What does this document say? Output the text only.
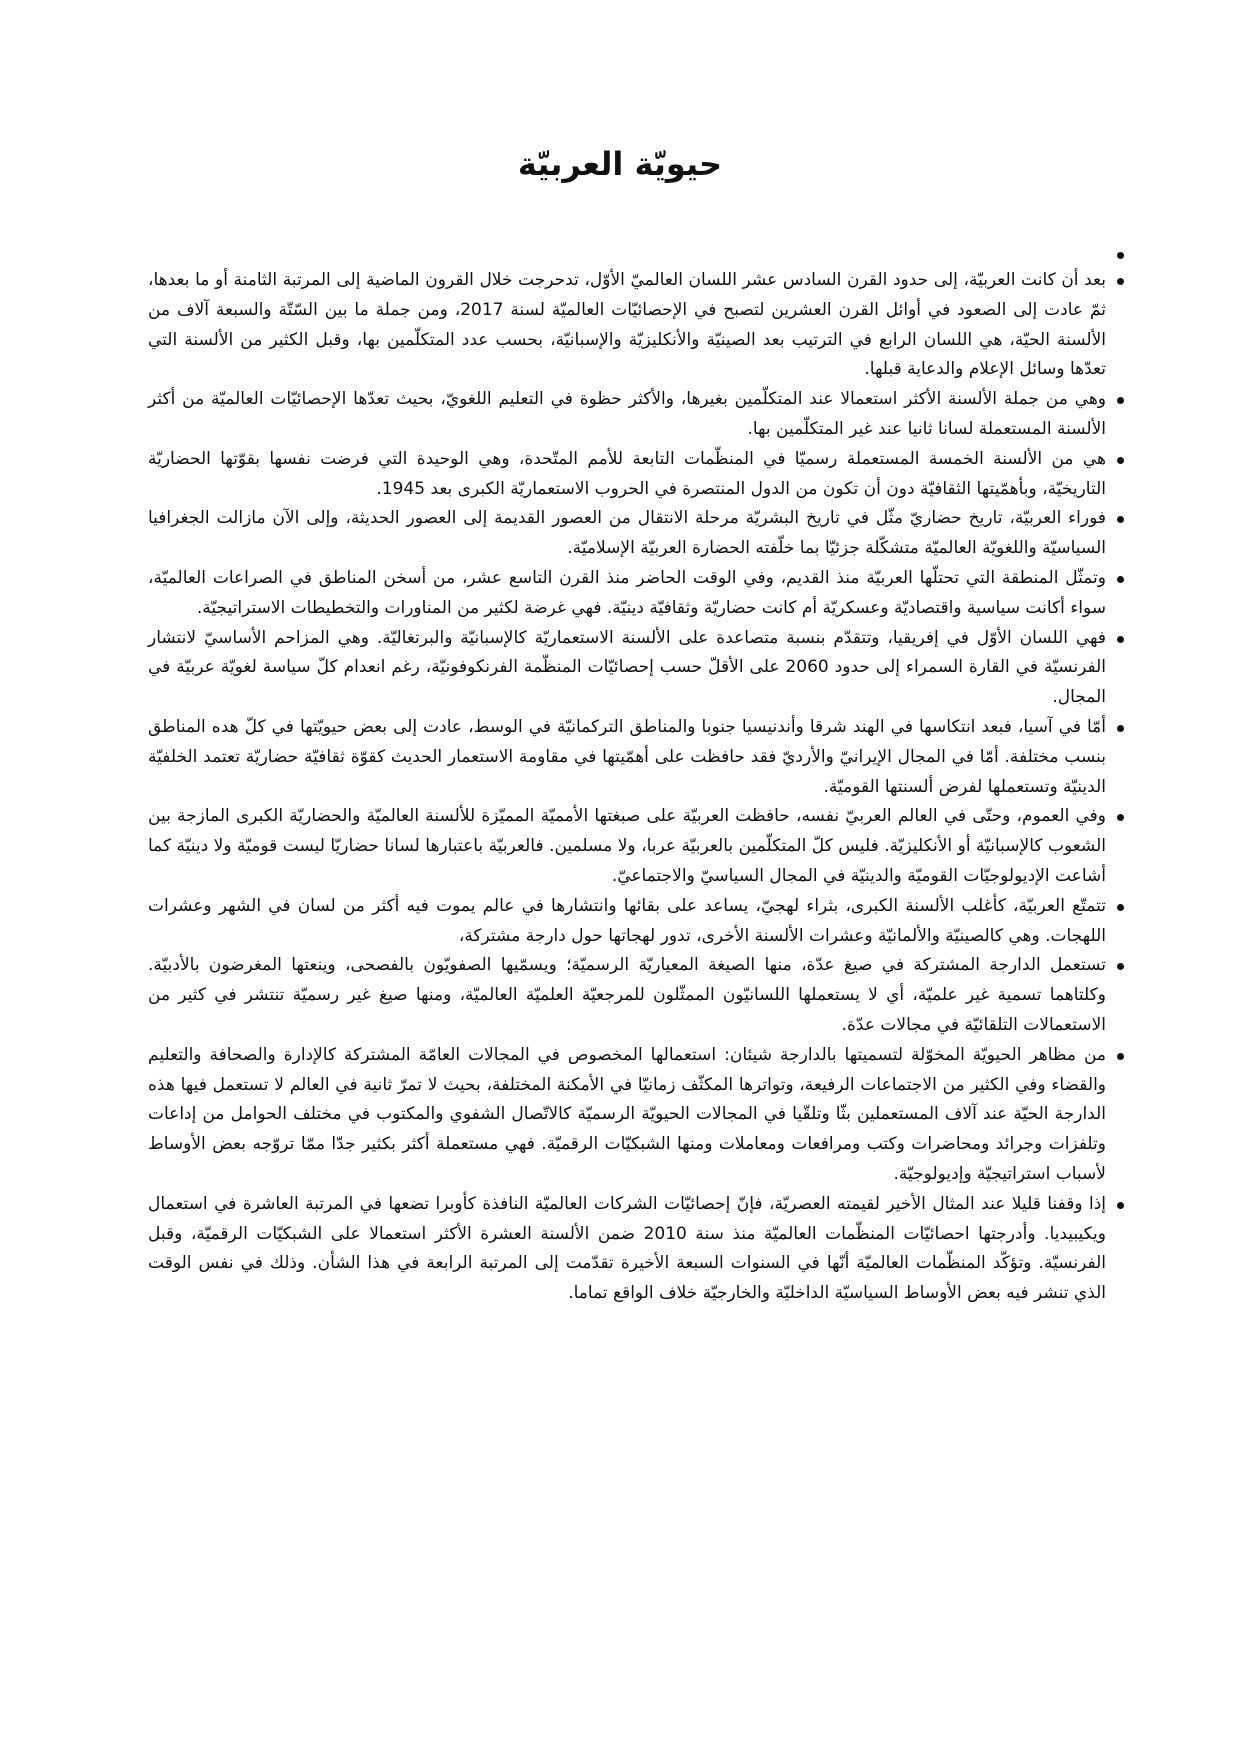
حيويّة العربيّة
بعد أن كانت العربيّة، إلى حدود القرن السادس عشر اللسان العالميّ الأوّل، تدحرجت خلال القرون الماضية إلى المرتبة الثامنة أو ما بعدها، ثمّ عادت إلى الصعود في أوائل القرن العشرين لتصبح في الإحصائيّات العالميّة لسنة 2017، ومن جملة ما بين السّتّة والسبعة آلاف من الألسنة الحيّة، هي اللسان الرابع في الترتيب بعد الصينيّة والأنكليزيّة والإسبانيّة، بحسب عدد المتكلّمين بها، وقبل الكثير من الألسنة التي تعدّها وسائل الإعلام والدعاية قبلها.
وهي من جملة الألسنة الأكثر استعمالا عند المتكلّمين بغيرها، والأكثر حظوة في التعليم اللغويّ، بحيث تعدّها الإحصائيّات العالميّة من أكثر الألسنة المستعملة لسانا ثانيا عند غير المتكلّمين بها.
هي من الألسنة الخمسة المستعملة رسميّا في المنظّمات التابعة للأمم المتّحدة، وهي الوحيدة التي فرضت نفسها بقوّتها الحضاريّة التاريخيّة، وبأهمّيتها الثقافيّة دون أن تكون من الدول المنتصرة في الحروب الاستعماريّة الكبرى بعد 1945.
فوراء العربيّة، تاريخ حضاريّ مثّل في تاريخ البشريّة مرحلة الانتقال من العصور القديمة إلى العصور الحديثة، وإلى الآن مازالت الجغرافيا السياسيّة واللغويّة العالميّة متشكّلة جزئيّا بما خلّفته الحضارة العربيّة الإسلاميّة.
وتمثّل المنطقة التي تحتلّها العربيّة منذ القديم، وفي الوقت الحاضر منذ القرن التاسع عشر، من أسخن المناطق في الصراعات العالميّة، سواء أكانت سياسية واقتصاديّة وعسكريّة أم كانت حضاريّة وثقافيّة دينيّة. فهي غرضة لكثير من المناورات والتخطيطات الاستراتيجيّة.
فهي اللسان الأوّل في إفريقيا، وتتقدّم بنسبة متصاعدة على الألسنة الاستعماريّة كالإسبانيّة والبرتغاليّة. وهي المزاحم الأساسيّ لانتشار الفرنسيّة في القارة السمراء إلى حدود 2060 على الأقلّ حسب إحصائيّات المنظّمة الفرنكوفونيّة، رغم انعدام كلّ سياسة لغويّة عربيّة في المجال.
أمّا في آسيا، فبعد انتكاسها في الهند شرقا وأندنيسيا جنوبا والمناطق التركمانيّة في الوسط، عادت إلى بعض حيويّتها في كلّ هده المناطق بنسب مختلفة. أمّا في المجال الإيرانيّ والأرديّ فقد حافظت على أهمّيتها في مقاومة الاستعمار الحديث كقوّة ثقافيّة حضاريّة تعتمد الخلفيّة الدينيّة وتستعملها لفرض ألسنتها القوميّة.
وفي العموم، وحتّى في العالم العربيّ نفسه، حافظت العربيّة على صبغتها الأمميّة المميّزة للألسنة العالميّة والحضاريّة الكبرى المازجة بين الشعوب كالإسبانيّة أو الأنكليزيّة. فليس كلّ المتكلّمين بالعربيّة عربا، ولا مسلمين. فالعربيّة باعتبارها لسانا حضاريّا ليست قوميّة ولا دينيّة كما أشاعت الإديولوجيّات القوميّة والدينيّة في المجال السياسيّ والاجتماعيّ.
تتمتّع العربيّة، كأغلب الألسنة الكبرى، بثراء لهجيّ، يساعد على بقائها وانتشارها في عالم يموت فيه أكثر من لسان في الشهر وعشرات اللهجات. وهي كالصينيّة والألمانيّة وعشرات الألسنة الأخرى، تدور لهجاتها حول دارجة مشتركة،
تستعمل الدارجة المشتركة في صيغ عدّة، منها الصيغة المعياريّة الرسميّة؛ ويسمّيها الصفويّون بالفصحى، وينعتها المغرضون بالأدبيّة. وكلتاهما تسمية غير علميّة، أي لا يستعملها اللسانيّون الممثّلون للمرجعيّة العلميّة العالميّة، ومنها صيغ غير رسميّة تنتشر في كثير من الاستعمالات التلقائيّة في مجالات عدّة.
من مظاهر الحيويّة المخوّلة لتسميتها بالدارجة شيئان: استعمالها المخصوص في المجالات العامّة المشتركة كالإدارة والصحافة والتعليم والقضاء وفي الكثير من الاجتماعات الرفيعة، وتواترها المكثّف زمانيّا في الأمكنة المختلفة، بحيث لا تمرّ ثانية في العالم لا تستعمل فيها هذه الدارجة الحيّة عند آلاف المستعملين بثّا وتلقّيا في المجالات الحيويّة الرسميّة كالاتّصال الشفوي والمكتوب في مختلف الحوامل من إداعات وتلفزات وجرائد ومحاضرات وكتب ومرافعات ومعاملات ومنها الشبكيّات الرقميّة. فهي مستعملة أكثر بكثير جدّا ممّا تروّجه بعض الأوساط لأسباب استراتيجيّة وإديولوجيّة.
إذا وقفنا قليلا عند المثال الأخير لقيمته العصريّة، فإنّ إحصائيّات الشركات العالميّة النافذة كأوبرا تضعها في المرتبة العاشرة في استعمال ويكيبيديا. وأدرجتها احصائيّات المنظّمات العالميّة منذ سنة 2010 ضمن الألسنة العشرة الأكثر استعمالا على الشبكيّات الرقميّة، وقبل الفرنسيّة. وتؤكّد المنظّمات العالميّة أنّها في السنوات السبعة الأخيرة تقدّمت إلى المرتبة الرابعة في هذا الشأن. وذلك في نفس الوقت الذي تنشر فيه بعض الأوساط السياسيّة الداخليّة والخارجيّة خلاف الواقع تماما.
